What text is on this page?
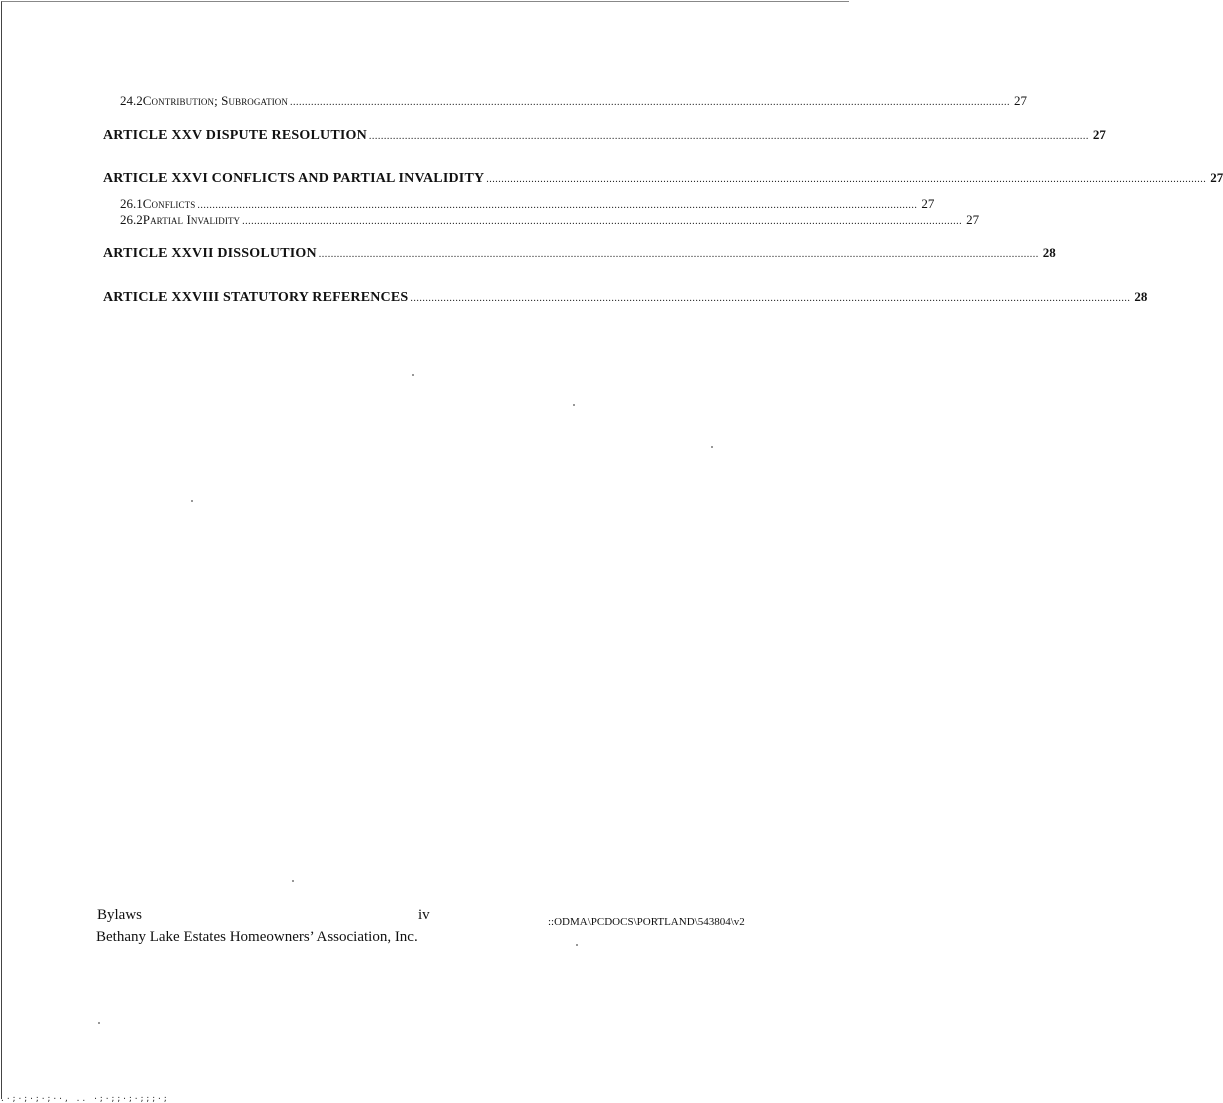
24.2 Contribution; Subrogation .....	27
ARTICLE XXV DISPUTE RESOLUTION .....	27
ARTICLE XXVI CONFLICTS AND PARTIAL INVALIDITY .....	27
26.1 Conflicts .....	27
26.2 Partial Invalidity .....	27
ARTICLE XXVII DISSOLUTION .....	28
ARTICLE XXVIII STATUTORY REFERENCES .....	28
Bylaws	iv	::ODMA\PCDOCS\PORTLAND\543804\v2
Bethany Lake Estates Homeowners’ Association, Inc.
.·;·;·;·;··, .. ·;·;;·;·;;;·;
